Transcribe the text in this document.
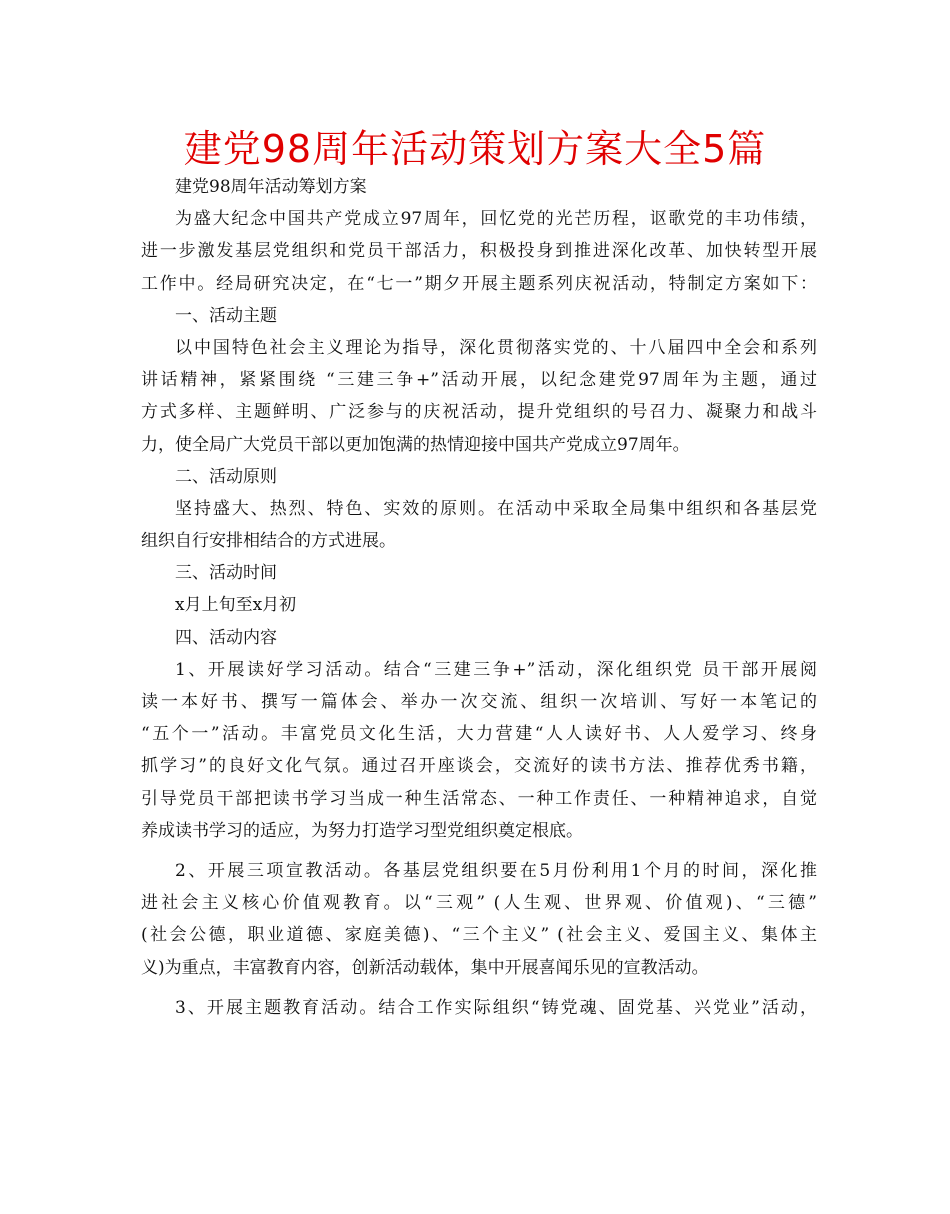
建党98周年活动策划方案大全5篇
建党98周年活动筹划方案
为盛大纪念中国共产党成立97周年，回忆党的光芒历程，讴歌党的丰功伟绩，
进一步激发基层党组织和党员干部活力，积极投身到推进深化改革、加快转型开展
工作中。经局研究决定，在“七一”期夕开展主题系列庆祝活动，特制定方案如下：
一、活动主题
以中国特色社会主义理论为指导，深化贯彻落实党的、十八届四中全会和系列
讲话精神，紧紧围绕 “三建三争+”活动开展，以纪念建党97周年为主题，通过
方式多样、主题鲜明、广泛参与的庆祝活动，提升党组织的号召力、凝聚力和战斗
力，使全局广大党员干部以更加饱满的热情迎接中国共产党成立97周年。
二、活动原则
坚持盛大、热烈、特色、实效的原则。在活动中采取全局集中组织和各基层党
组织自行安排相结合的方式进展。
三、活动时间
x月上旬至x月初
四、活动内容
1、开展读好学习活动。结合“三建三争+”活动，深化组织党 员干部开展阅
读一本好书、撰写一篇体会、举办一次交流、组织一次培训、写好一本笔记的
“五个一”活动。丰富党员文化生活，大力营建“人人读好书、人人爱学习、终身
抓学习”的良好文化气氛。通过召开座谈会，交流好的读书方法、推荐优秀书籍，
引导党员干部把读书学习当成一种生活常态、一种工作责任、一种精神追求，自觉
养成读书学习的适应，为努力打造学习型党组织奠定根底。
2、开展三项宣教活动。各基层党组织要在5月份利用1个月的时间，深化推
进社会主义核心价值观教育。以“三观” (人生观、世界观、价值观)、“三德”
(社会公德，职业道德、家庭美德)、“三个主义” (社会主义、爱国主义、集体主
义)为重点，丰富教育内容，创新活动载体，集中开展喜闻乐见的宣教活动。
3、开展主题教育活动。结合工作实际组织“铸党魂、固党基、兴党业”活动，
